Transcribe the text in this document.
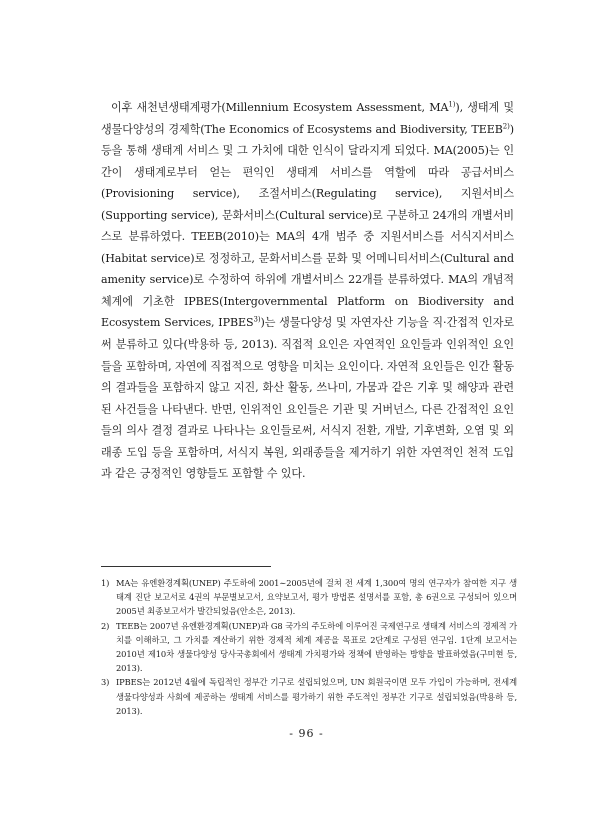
이후 새천년생태계평가(Millennium Ecosystem Assessment, MA$^{1)}$), 생태계 및 생물다양성의 경제학(The Economics of Ecosystems and Biodiversity, TEEB$^{2)}$) 등을 통해 생태계 서비스 및 그 가치에 대한 인식이 달라지게 되었다. MA(2005)는 인간이 생태계로부터 얻는 편익인 생태계 서비스를 역할에 따라 공급서비스(Provisioning service), 조절서비스(Regulating service), 지원서비스(Supporting service), 문화서비스(Cultural service)로 구분하고 24개의 개별서비스로 분류하였다. TEEB(2010)는 MA의 4개 범주 중 지원서비스를 서식지서비스(Habitat service)로 정정하고, 문화서비스를 문화 및 어메니티서비스(Cultural and amenity service)로 수정하여 하위에 개별서비스 22개를 분류하였다. MA의 개념적 체계에 기초한 IPBES(Intergovernmental Platform on Biodiversity and Ecosystem Services, IPBES$^{3)}$)는 생물다양성 및 자연자산 기능을 직·간접적 인자로써 분류하고 있다(박용하 등, 2013). 직접적 요인은 자연적인 요인들과 인위적인 요인들을 포함하며, 자연에 직접적으로 영향을 미치는 요인이다. 자연적 요인들은 인간 활동의 결과들을 포함하지 않고 지진, 화산 활동, 쓰나미, 가뭄과 같은 기후 및 해양과 관련된 사건들을 나타낸다. 반면, 인위적인 요인들은 기관 및 거버넌스, 다른 간접적인 요인들의 의사 결정 결과로 나타나는 요인들로써, 서식지 전환, 개발, 기후변화, 오염 및 외래종 도입 등을 포함하며, 서식지 복원, 외래종들을 제거하기 위한 자연적인 천적 도입과 같은 긍정적인 영향들도 포함할 수 있다.

1) MA는 유엔환경계획(UNEP) 주도하에 2001∼2005년에 걸쳐 전 세계 1,300여 명의 연구자가 참여한 지구 생태계 진단 보고서로 4권의 부문별보고서, 요약보고서, 평가 방법론 설명서를 포함, 총 6권으로 구성되어 있으며 2005년 최종보고서가 발간되었음(안소은, 2013).
2) TEEB는 2007년 유엔환경계획(UNEP)과 G8 국가의 주도하에 이루어진 국제연구로 생태계 서비스의 경제적 가치를 이해하고, 그 가치를 계산하기 위한 경제적 체계 제공을 목표로 2단계로 구성된 연구임. 1단계 보고서는 2010년 제10차 생물다양성 당사국총회에서 생태계 가치평가와 정책에 반영하는 방향을 발표하였음(구미현 등, 2013).
3) IPBES는 2012년 4월에 독립적인 정부간 기구로 설립되었으며, UN 회원국이면 모두 가입이 가능하며, 전세계 생물다양성과 사회에 제공하는 생태계 서비스를 평가하기 위한 주도적인 정부간 기구로 설립되었음(박용하 등, 2013).
- 96 -
